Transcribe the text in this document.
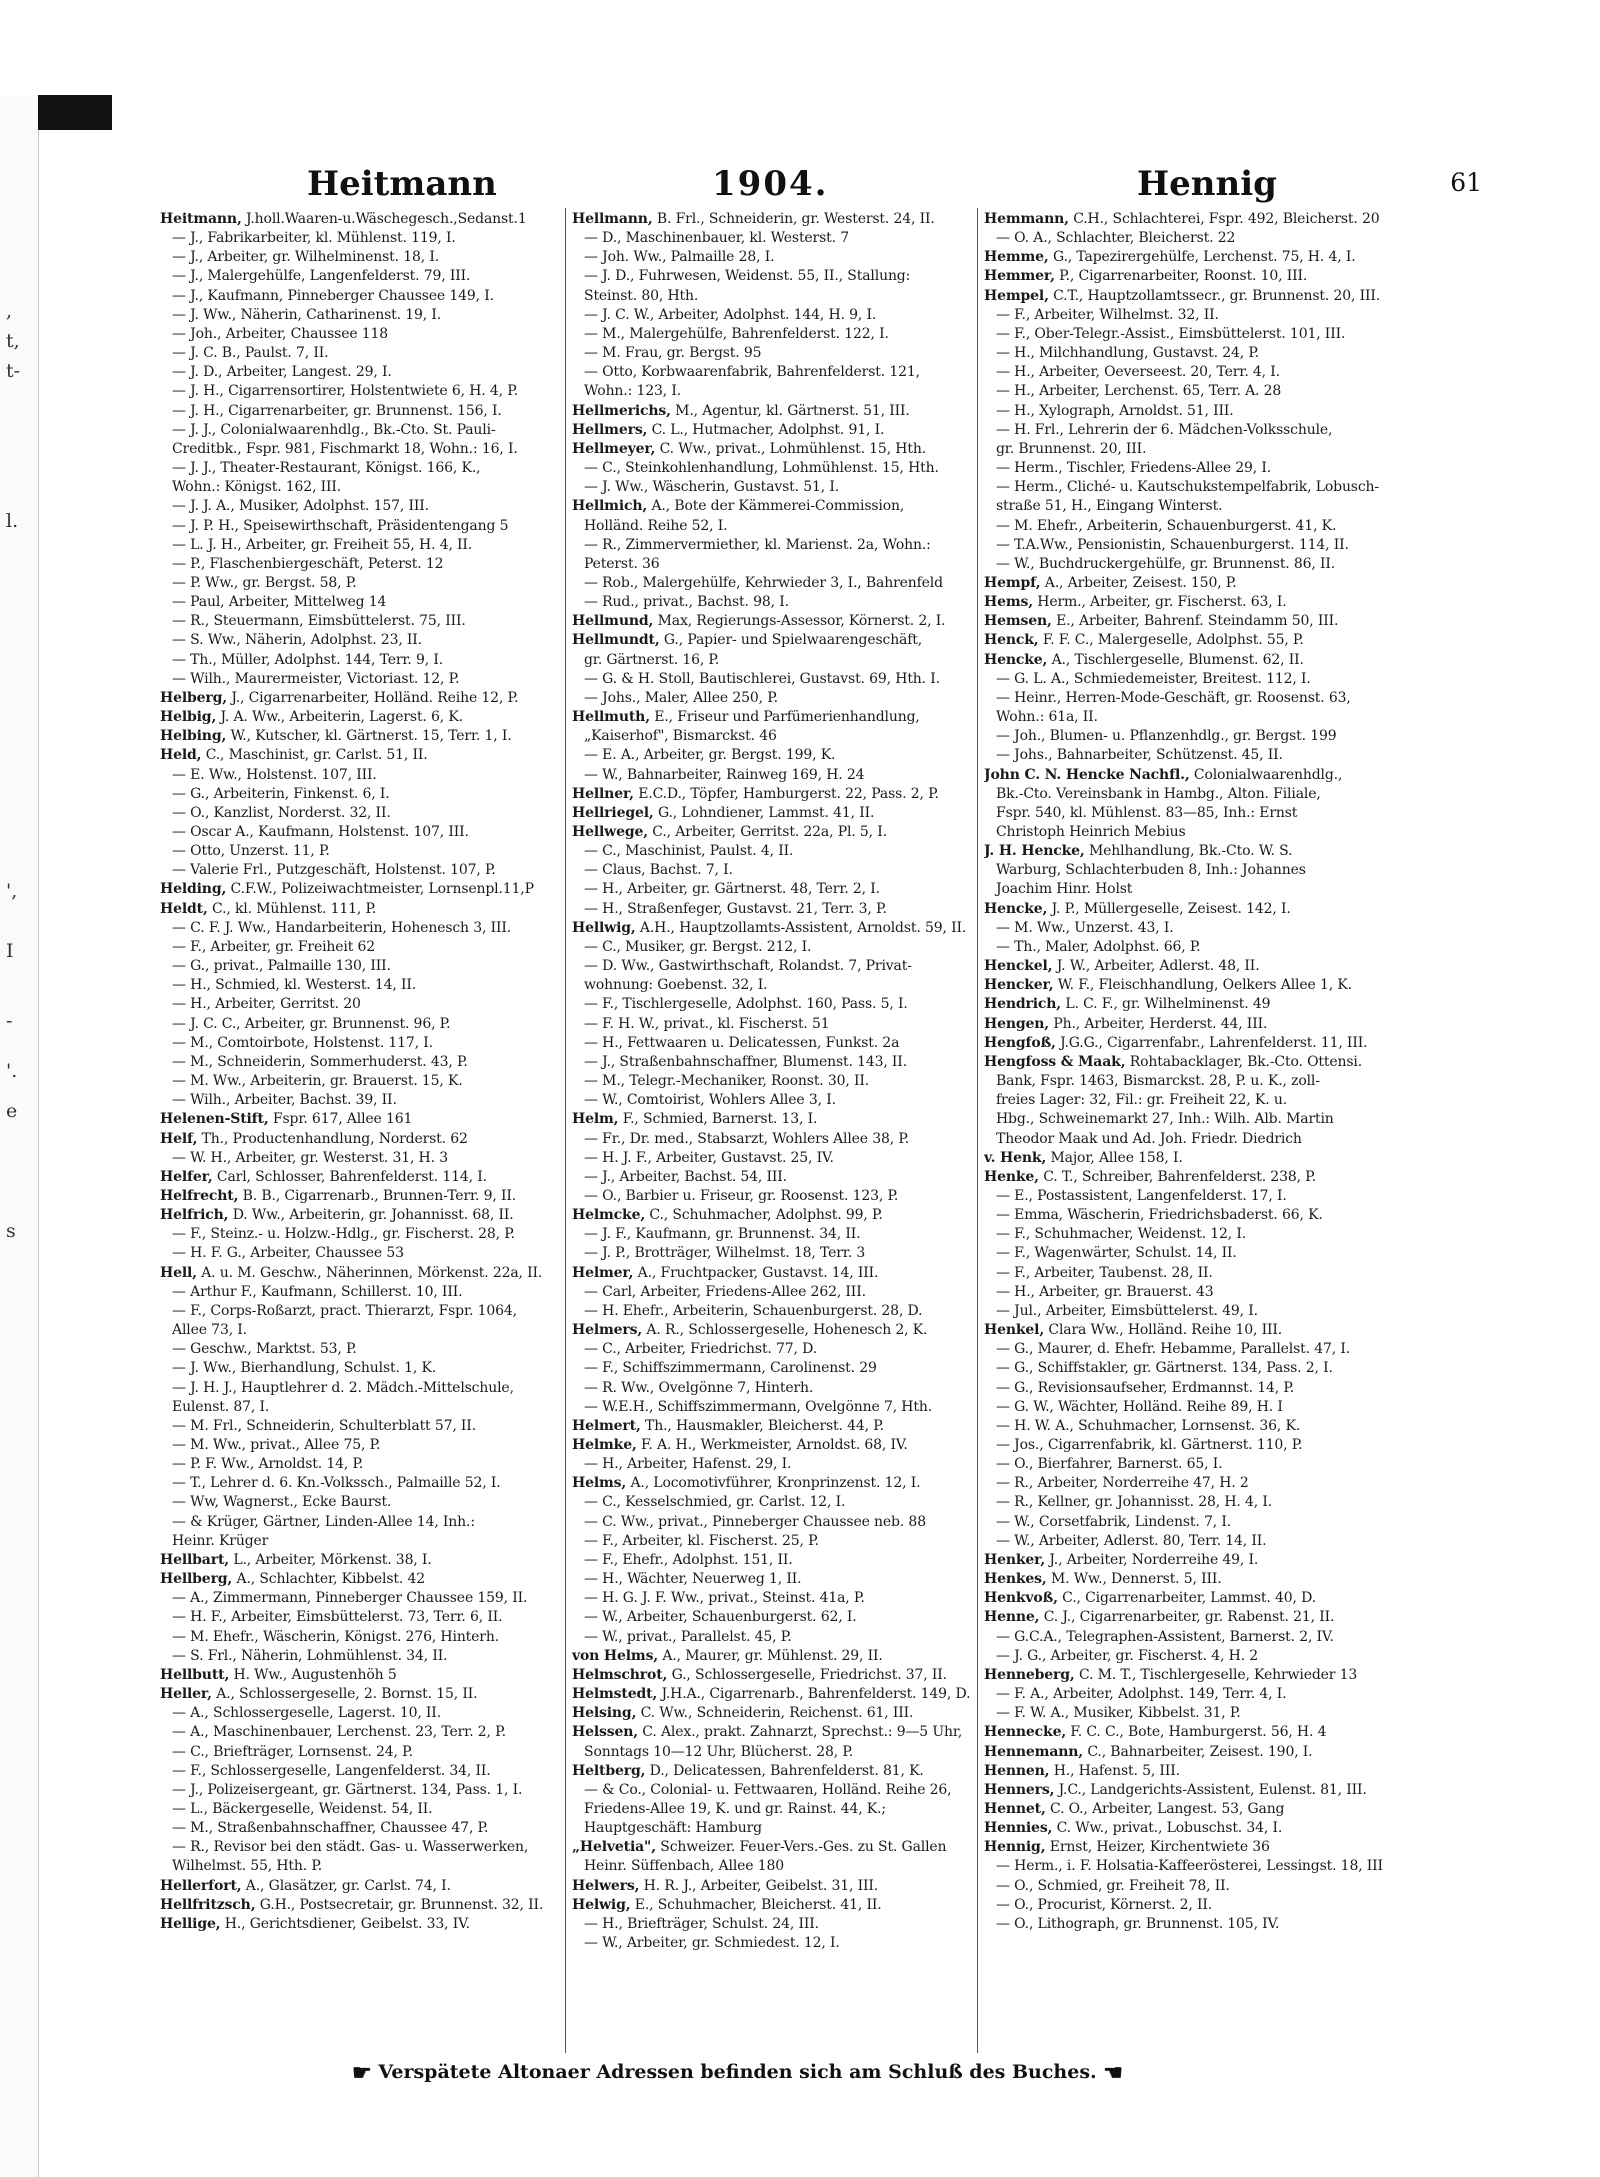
,
t,
t-
l.
',
I
-
'.
e
s
Heitmann	1904.	Hennig	61
Heitmann, J.holl.Waaren-u.Wäschegesch.,Sedanst.1
— J., Fabrikarbeiter, kl. Mühlenst. 119, I.
— J., Arbeiter, gr. Wilhelminenst. 18, I.
— J., Malergehülfe, Langenfelderst. 79, III.
— J., Kaufmann, Pinneberger Chaussee 149, I.
— J. Ww., Näherin, Catharinenst. 19, I.
— Joh., Arbeiter, Chaussee 118
— J. C. B., Paulst. 7, II.
— J. D., Arbeiter, Langest. 29, I.
— J. H., Cigarrensortirer, Holstentwiete 6, H. 4, P.
— J. H., Cigarrenarbeiter, gr. Brunnenst. 156, I.
— J. J., Colonialwaarenhdlg., Bk.-Cto. St. Pauli-
Creditbk., Fspr. 981, Fischmarkt 18, Wohn.: 16, I.
— J. J., Theater-Restaurant, Königst. 166, K.,
Wohn.: Königst. 162, III.
— J. J. A., Musiker, Adolphst. 157, III.
— J. P. H., Speisewirthschaft, Präsidentengang 5
— L. J. H., Arbeiter, gr. Freiheit 55, H. 4, II.
— P., Flaschenbiergeschäft, Peterst. 12
— P. Ww., gr. Bergst. 58, P.
— Paul, Arbeiter, Mittelweg 14
— R., Steuermann, Eimsbüttelerst. 75, III.
— S. Ww., Näherin, Adolphst. 23, II.
— Th., Müller, Adolphst. 144, Terr. 9, I.
— Wilh., Maurermeister, Victoriast. 12, P.
Helberg, J., Cigarrenarbeiter, Holländ. Reihe 12, P.
Helbig, J. A. Ww., Arbeiterin, Lagerst. 6, K.
Helbing, W., Kutscher, kl. Gärtnerst. 15, Terr. 1, I.
Held, C., Maschinist, gr. Carlst. 51, II.
— E. Ww., Holstenst. 107, III.
— G., Arbeiterin, Finkenst. 6, I.
— O., Kanzlist, Norderst. 32, II.
— Oscar A., Kaufmann, Holstenst. 107, III.
— Otto, Unzerst. 11, P.
— Valerie Frl., Putzgeschäft, Holstenst. 107, P.
Helding, C.F.W., Polizeiwachtmeister, Lornsenpl.11,P
Heldt, C., kl. Mühlenst. 111, P.
— C. F. J. Ww., Handarbeiterin, Hohenesch 3, III.
— F., Arbeiter, gr. Freiheit 62
— G., privat., Palmaille 130, III.
— H., Schmied, kl. Westerst. 14, II.
— H., Arbeiter, Gerritst. 20
— J. C. C., Arbeiter, gr. Brunnenst. 96, P.
— M., Comtoirbote, Holstenst. 117, I.
— M., Schneiderin, Sommerhuderst. 43, P.
— M. Ww., Arbeiterin, gr. Brauerst. 15, K.
— Wilh., Arbeiter, Bachst. 39, II.
Helenen-Stift, Fspr. 617, Allee 161
Helf, Th., Productenhandlung, Norderst. 62
— W. H., Arbeiter, gr. Westerst. 31, H. 3
Helfer, Carl, Schlosser, Bahrenfelderst. 114, I.
Helfrecht, B. B., Cigarrenarb., Brunnen-Terr. 9, II.
Helfrich, D. Ww., Arbeiterin, gr. Johannisst. 68, II.
— F., Steinz.- u. Holzw.-Hdlg., gr. Fischerst. 28, P.
— H. F. G., Arbeiter, Chaussee 53
Hell, A. u. M. Geschw., Näherinnen, Mörkenst. 22a, II.
— Arthur F., Kaufmann, Schillerst. 10, III.
— F., Corps-Roßarzt, pract. Thierarzt, Fspr. 1064,
Allee 73, I.
— Geschw., Marktst. 53, P.
— J. Ww., Bierhandlung, Schulst. 1, K.
— J. H. J., Hauptlehrer d. 2. Mädch.-Mittelschule,
Eulenst. 87, I.
— M. Frl., Schneiderin, Schulterblatt 57, II.
— M. Ww., privat., Allee 75, P.
— P. F. Ww., Arnoldst. 14, P.
— T., Lehrer d. 6. Kn.-Volkssch., Palmaille 52, I.
— Ww, Wagnerst., Ecke Baurst.
— & Krüger, Gärtner, Linden-Allee 14, Inh.:
Heinr. Krüger
Hellbart, L., Arbeiter, Mörkenst. 38, I.
Hellberg, A., Schlachter, Kibbelst. 42
— A., Zimmermann, Pinneberger Chaussee 159, II.
— H. F., Arbeiter, Eimsbüttelerst. 73, Terr. 6, II.
— M. Ehefr., Wäscherin, Königst. 276, Hinterh.
— S. Frl., Näherin, Lohmühlenst. 34, II.
Hellbutt, H. Ww., Augustenhöh 5
Heller, A., Schlossergeselle, 2. Bornst. 15, II.
— A., Schlossergeselle, Lagerst. 10, II.
— A., Maschinenbauer, Lerchenst. 23, Terr. 2, P.
— C., Briefträger, Lornsenst. 24, P.
— F., Schlossergeselle, Langenfelderst. 34, II.
— J., Polizeisergeant, gr. Gärtnerst. 134, Pass. 1, I.
— L., Bäckergeselle, Weidenst. 54, II.
— M., Straßenbahnschaffner, Chaussee 47, P.
— R., Revisor bei den städt. Gas- u. Wasserwerken,
Wilhelmst. 55, Hth. P.
Hellerfort, A., Glasätzer, gr. Carlst. 74, I.
Hellfritzsch, G.H., Postsecretair, gr. Brunnenst. 32, II.
Hellige, H., Gerichtsdiener, Geibelst. 33, IV.
Hellmann, B. Frl., Schneiderin, gr. Westerst. 24, II.
— D., Maschinenbauer, kl. Westerst. 7
— Joh. Ww., Palmaille 28, I.
— J. D., Fuhrwesen, Weidenst. 55, II., Stallung:
Steinst. 80, Hth.
— J. C. W., Arbeiter, Adolphst. 144, H. 9, I.
— M., Malergehülfe, Bahrenfelderst. 122, I.
— M. Frau, gr. Bergst. 95
— Otto, Korbwaarenfabrik, Bahrenfelderst. 121,
Wohn.: 123, I.
Hellmerichs, M., Agentur, kl. Gärtnerst. 51, III.
Hellmers, C. L., Hutmacher, Adolphst. 91, I.
Hellmeyer, C. Ww., privat., Lohmühlenst. 15, Hth.
— C., Steinkohlenhandlung, Lohmühlenst. 15, Hth.
— J. Ww., Wäscherin, Gustavst. 51, I.
Hellmich, A., Bote der Kämmerei-Commission,
Holländ. Reihe 52, I.
— R., Zimmervermiether, kl. Marienst. 2a, Wohn.:
Peterst. 36
— Rob., Malergehülfe, Kehrwieder 3, I., Bahrenfeld
— Rud., privat., Bachst. 98, I.
Hellmund, Max, Regierungs-Assessor, Körnerst. 2, I.
Hellmundt, G., Papier- und Spielwaarengeschäft,
gr. Gärtnerst. 16, P.
— G. & H. Stoll, Bautischlerei, Gustavst. 69, Hth. I.
— Johs., Maler, Allee 250, P.
Hellmuth, E., Friseur und Parfümerienhandlung,
„Kaiserhof", Bismarckst. 46
— E. A., Arbeiter, gr. Bergst. 199, K.
— W., Bahnarbeiter, Rainweg 169, H. 24
Hellner, E.C.D., Töpfer, Hamburgerst. 22, Pass. 2, P.
Hellriegel, G., Lohndiener, Lammst. 41, II.
Hellwege, C., Arbeiter, Gerritst. 22a, Pl. 5, I.
— C., Maschinist, Paulst. 4, II.
— Claus, Bachst. 7, I.
— H., Arbeiter, gr. Gärtnerst. 48, Terr. 2, I.
— H., Straßenfeger, Gustavst. 21, Terr. 3, P.
Hellwig, A.H., Hauptzollamts-Assistent, Arnoldst. 59, II.
— C., Musiker, gr. Bergst. 212, I.
— D. Ww., Gastwirthschaft, Rolandst. 7, Privat-
wohnung: Goebenst. 32, I.
— F., Tischlergeselle, Adolphst. 160, Pass. 5, I.
— F. H. W., privat., kl. Fischerst. 51
— H., Fettwaaren u. Delicatessen, Funkst. 2a
— J., Straßenbahnschaffner, Blumenst. 143, II.
— M., Telegr.-Mechaniker, Roonst. 30, II.
— W., Comtoirist, Wohlers Allee 3, I.
Helm, F., Schmied, Barnerst. 13, I.
— Fr., Dr. med., Stabsarzt, Wohlers Allee 38, P.
— H. J. F., Arbeiter, Gustavst. 25, IV.
— J., Arbeiter, Bachst. 54, III.
— O., Barbier u. Friseur, gr. Roosenst. 123, P.
Helmcke, C., Schuhmacher, Adolphst. 99, P.
— J. F., Kaufmann, gr. Brunnenst. 34, II.
— J. P., Brotträger, Wilhelmst. 18, Terr. 3
Helmer, A., Fruchtpacker, Gustavst. 14, III.
— Carl, Arbeiter, Friedens-Allee 262, III.
— H. Ehefr., Arbeiterin, Schauenburgerst. 28, D.
Helmers, A. R., Schlossergeselle, Hohenesch 2, K.
— C., Arbeiter, Friedrichst. 77, D.
— F., Schiffszimmermann, Carolinenst. 29
— R. Ww., Ovelgönne 7, Hinterh.
— W.E.H., Schiffszimmermann, Ovelgönne 7, Hth.
Helmert, Th., Hausmakler, Bleicherst. 44, P.
Helmke, F. A. H., Werkmeister, Arnoldst. 68, IV.
— H., Arbeiter, Hafenst. 29, I.
Helms, A., Locomotivführer, Kronprinzenst. 12, I.
— C., Kesselschmied, gr. Carlst. 12, I.
— C. Ww., privat., Pinneberger Chaussee neb. 88
— F., Arbeiter, kl. Fischerst. 25, P.
— F., Ehefr., Adolphst. 151, II.
— H., Wächter, Neuerweg 1, II.
— H. G. J. F. Ww., privat., Steinst. 41a, P.
— W., Arbeiter, Schauenburgerst. 62, I.
— W., privat., Parallelst. 45, P.
von Helms, A., Maurer, gr. Mühlenst. 29, II.
Helmschrot, G., Schlossergeselle, Friedrichst. 37, II.
Helmstedt, J.H.A., Cigarrenarb., Bahrenfelderst. 149, D.
Helsing, C. Ww., Schneiderin, Reichenst. 61, III.
Helssen, C. Alex., prakt. Zahnarzt, Sprechst.: 9—5 Uhr,
Sonntags 10—12 Uhr, Blücherst. 28, P.
Heltberg, D., Delicatessen, Bahrenfelderst. 81, K.
— & Co., Colonial- u. Fettwaaren, Holländ. Reihe 26,
Friedens-Allee 19, K. und gr. Rainst. 44, K.;
Hauptgeschäft: Hamburg
„Helvetia", Schweizer. Feuer-Vers.-Ges. zu St. Gallen
Heinr. Süffenbach, Allee 180
Helwers, H. R. J., Arbeiter, Geibelst. 31, III.
Helwig, E., Schuhmacher, Bleicherst. 41, II.
— H., Briefträger, Schulst. 24, III.
— W., Arbeiter, gr. Schmiedest. 12, I.
Hemmann, C.H., Schlachterei, Fspr. 492, Bleicherst. 20
— O. A., Schlachter, Bleicherst. 22
Hemme, G., Tapezirergehülfe, Lerchenst. 75, H. 4, I.
Hemmer, P., Cigarrenarbeiter, Roonst. 10, III.
Hempel, C.T., Hauptzollamtssecr., gr. Brunnenst. 20, III.
— F., Arbeiter, Wilhelmst. 32, II.
— F., Ober-Telegr.-Assist., Eimsbüttelerst. 101, III.
— H., Milchhandlung, Gustavst. 24, P.
— H., Arbeiter, Oeverseest. 20, Terr. 4, I.
— H., Arbeiter, Lerchenst. 65, Terr. A. 28
— H., Xylograph, Arnoldst. 51, III.
— H. Frl., Lehrerin der 6. Mädchen-Volksschule,
gr. Brunnenst. 20, III.
— Herm., Tischler, Friedens-Allee 29, I.
— Herm., Cliché- u. Kautschukstempelfabrik, Lobusch-
straße 51, H., Eingang Winterst.
— M. Ehefr., Arbeiterin, Schauenburgerst. 41, K.
— T.A.Ww., Pensionistin, Schauenburgerst. 114, II.
— W., Buchdruckergehülfe, gr. Brunnenst. 86, II.
Hempf, A., Arbeiter, Zeisest. 150, P.
Hems, Herm., Arbeiter, gr. Fischerst. 63, I.
Hemsen, E., Arbeiter, Bahrenf. Steindamm 50, III.
Henck, F. F. C., Malergeselle, Adolphst. 55, P.
Hencke, A., Tischlergeselle, Blumenst. 62, II.
— G. L. A., Schmiedemeister, Breitest. 112, I.
— Heinr., Herren-Mode-Geschäft, gr. Roosenst. 63,
Wohn.: 61a, II.
— Joh., Blumen- u. Pflanzenhdlg., gr. Bergst. 199
— Johs., Bahnarbeiter, Schützenst. 45, II.
John C. N. Hencke Nachfl., Colonialwaarenhdlg.,
Bk.-Cto. Vereinsbank in Hambg., Alton. Filiale,
Fspr. 540, kl. Mühlenst. 83—85, Inh.: Ernst
Christoph Heinrich Mebius
J. H. Hencke, Mehlhandlung, Bk.-Cto. W. S.
Warburg, Schlachterbuden 8, Inh.: Johannes
Joachim Hinr. Holst
Hencke, J. P., Müllergeselle, Zeisest. 142, I.
— M. Ww., Unzerst. 43, I.
— Th., Maler, Adolphst. 66, P.
Henckel, J. W., Arbeiter, Adlerst. 48, II.
Hencker, W. F., Fleischhandlung, Oelkers Allee 1, K.
Hendrich, L. C. F., gr. Wilhelminenst. 49
Hengen, Ph., Arbeiter, Herderst. 44, III.
Hengfoß, J.G.G., Cigarrenfabr., Lahrenfelderst. 11, III.
Hengfoss & Maak, Rohtabacklager, Bk.-Cto. Ottensi.
Bank, Fspr. 1463, Bismarckst. 28, P. u. K., zoll-
freies Lager: 32, Fil.: gr. Freiheit 22, K. u.
Hbg., Schweinemarkt 27, Inh.: Wilh. Alb. Martin
Theodor Maak und Ad. Joh. Friedr. Diedrich
v. Henk, Major, Allee 158, I.
Henke, C. T., Schreiber, Bahrenfelderst. 238, P.
— E., Postassistent, Langenfelderst. 17, I.
— Emma, Wäscherin, Friedrichsbaderst. 66, K.
— F., Schuhmacher, Weidenst. 12, I.
— F., Wagenwärter, Schulst. 14, II.
— F., Arbeiter, Taubenst. 28, II.
— H., Arbeiter, gr. Brauerst. 43
— Jul., Arbeiter, Eimsbüttelerst. 49, I.
Henkel, Clara Ww., Holländ. Reihe 10, III.
— G., Maurer, d. Ehefr. Hebamme, Parallelst. 47, I.
— G., Schiffstakler, gr. Gärtnerst. 134, Pass. 2, I.
— G., Revisionsaufseher, Erdmannst. 14, P.
— G. W., Wächter, Holländ. Reihe 89, H. I
— H. W. A., Schuhmacher, Lornsenst. 36, K.
— Jos., Cigarrenfabrik, kl. Gärtnerst. 110, P.
— O., Bierfahrer, Barnerst. 65, I.
— R., Arbeiter, Norderreihe 47, H. 2
— R., Kellner, gr. Johannisst. 28, H. 4, I.
— W., Corsetfabrik, Lindenst. 7, I.
— W., Arbeiter, Adlerst. 80, Terr. 14, II.
Henker, J., Arbeiter, Norderreihe 49, I.
Henkes, M. Ww., Dennerst. 5, III.
Henkvoß, C., Cigarrenarbeiter, Lammst. 40, D.
Henne, C. J., Cigarrenarbeiter, gr. Rabenst. 21, II.
— G.C.A., Telegraphen-Assistent, Barnerst. 2, IV.
— J. G., Arbeiter, gr. Fischerst. 4, H. 2
Henneberg, C. M. T., Tischlergeselle, Kehrwieder 13
— F. A., Arbeiter, Adolphst. 149, Terr. 4, I.
— F. W. A., Musiker, Kibbelst. 31, P.
Hennecke, F. C. C., Bote, Hamburgerst. 56, H. 4
Hennemann, C., Bahnarbeiter, Zeisest. 190, I.
Hennen, H., Hafenst. 5, III.
Henners, J.C., Landgerichts-Assistent, Eulenst. 81, III.
Hennet, C. O., Arbeiter, Langest. 53, Gang
Hennies, C. Ww., privat., Lobuschst. 34, I.
Hennig, Ernst, Heizer, Kirchentwiete 36
— Herm., i. F. Holsatia-Kaffeerösterei, Lessingst. 18, III
— O., Schmied, gr. Freiheit 78, II.
— O., Procurist, Körnerst. 2, II.
— O., Lithograph, gr. Brunnenst. 105, IV.
☛ Verspätete Altonaer Adressen befinden sich am Schluß des Buches. ☚
